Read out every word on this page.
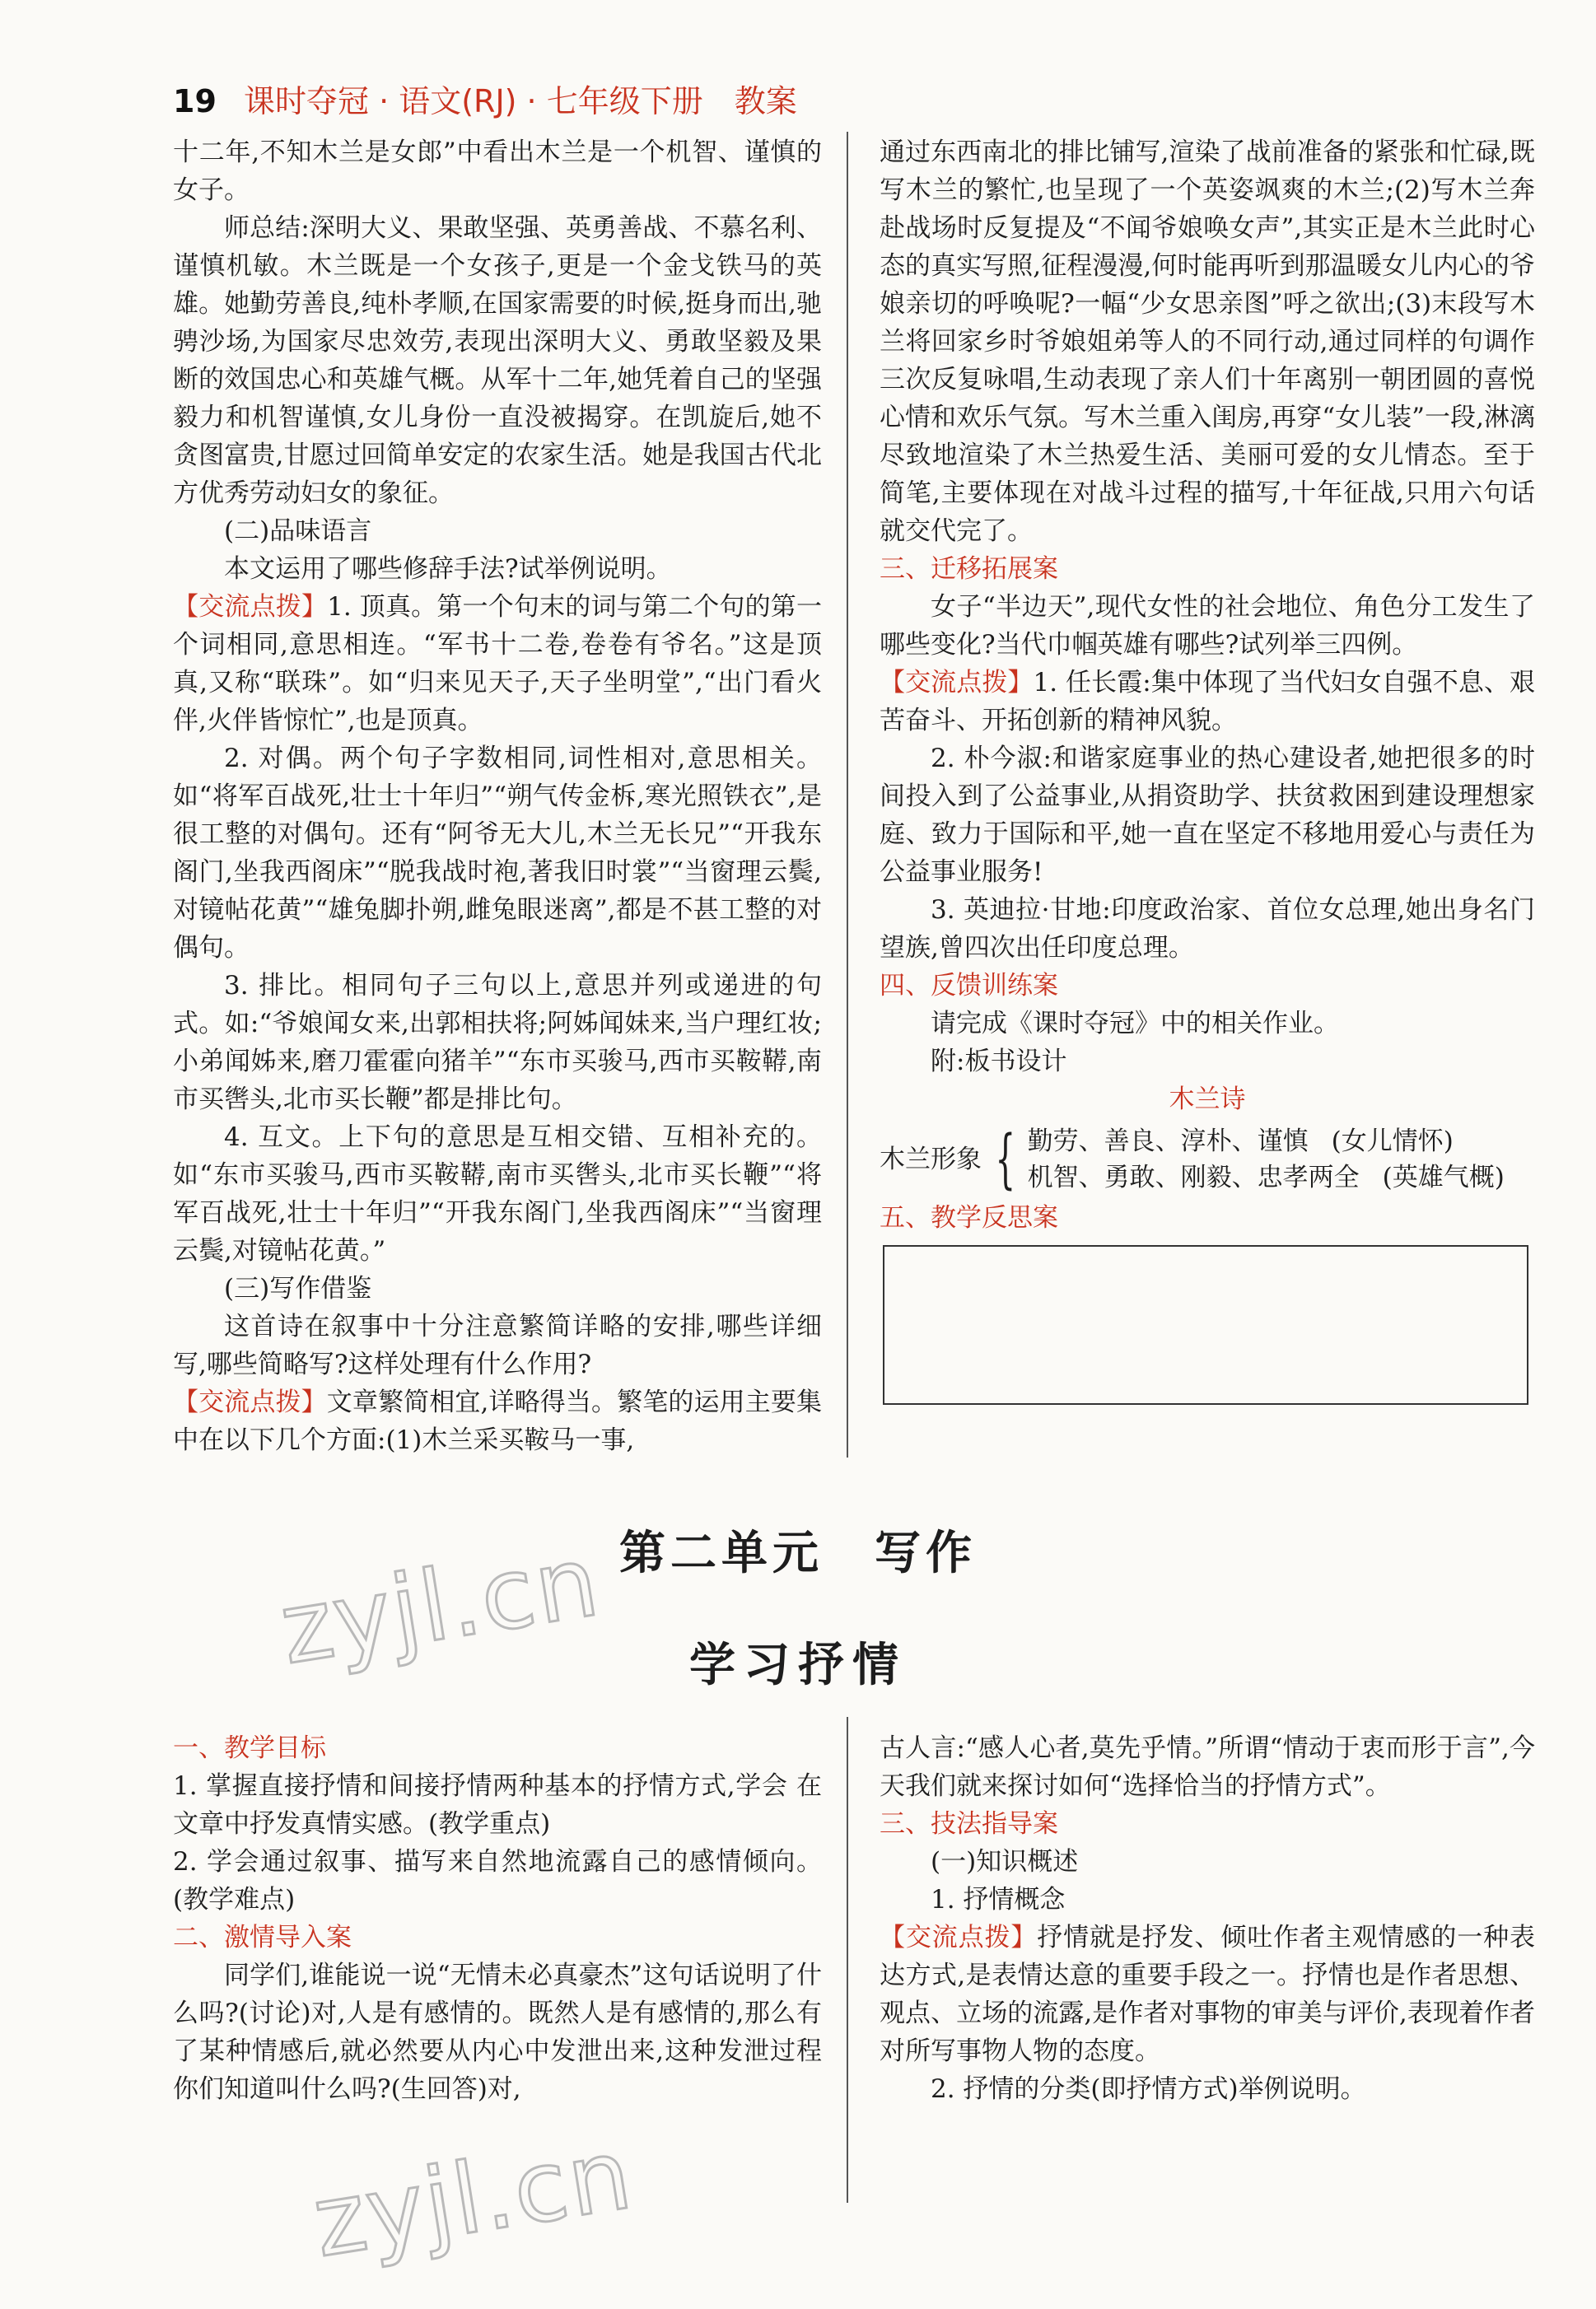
19 课时夺冠 · 语文(RJ) · 七年级下册　教案

十二年,不知木兰是女郎”中看出木兰是一个机智、谨慎的女子。

师总结:深明大义、果敢坚强、英勇善战、不慕名利、谨慎机敏。木兰既是一个女孩子,更是一个金戈铁马的英雄。她勤劳善良,纯朴孝顺,在国家需要的时候,挺身而出,驰骋沙场,为国家尽忠效劳,表现出深明大义、勇敢坚毅及果断的效国忠心和英雄气概。从军十二年,她凭着自己的坚强毅力和机智谨慎,女儿身份一直没被揭穿。在凯旋后,她不贪图富贵,甘愿过回简单安定的农家生活。她是我国古代北方优秀劳动妇女的象征。

(二)品味语言

本文运用了哪些修辞手法?试举例说明。

【交流点拨】1. 顶真。第一个句末的词与第二个句的第一个词相同,意思相连。“军书十二卷,卷卷有爷名。”这是顶真,又称“联珠”。如“归来见天子,天子坐明堂”,“出门看火伴,火伴皆惊忙”,也是顶真。

2. 对偶。两个句子字数相同,词性相对,意思相关。如“将军百战死,壮士十年归”“朔气传金柝,寒光照铁衣”,是很工整的对偶句。还有“阿爷无大儿,木兰无长兄”“开我东阁门,坐我西阁床”“脱我战时袍,著我旧时裳”“当窗理云鬓,对镜帖花黄”“雄兔脚扑朔,雌兔眼迷离”,都是不甚工整的对偶句。

3. 排比。相同句子三句以上,意思并列或递进的句式。如:“爷娘闻女来,出郭相扶将;阿姊闻妹来,当户理红妆;小弟闻姊来,磨刀霍霍向猪羊”“东市买骏马,西市买鞍鞯,南市买辔头,北市买长鞭”都是排比句。

4. 互文。上下句的意思是互相交错、互相补充的。如“东市买骏马,西市买鞍鞯,南市买辔头,北市买长鞭”“将军百战死,壮士十年归”“开我东阁门,坐我西阁床”“当窗理云鬓,对镜帖花黄。”

(三)写作借鉴

这首诗在叙事中十分注意繁简详略的安排,哪些详细写,哪些简略写?这样处理有什么作用?

【交流点拨】文章繁简相宜,详略得当。繁笔的运用主要集中在以下几个方面:(1)木兰采买鞍马一事,

通过东西南北的排比铺写,渲染了战前准备的紧张和忙碌,既写木兰的繁忙,也呈现了一个英姿飒爽的木兰;(2)写木兰奔赴战场时反复提及“不闻爷娘唤女声”,其实正是木兰此时心态的真实写照,征程漫漫,何时能再听到那温暖女儿内心的爷娘亲切的呼唤呢?一幅“少女思亲图”呼之欲出;(3)末段写木兰将回家乡时爷娘姐弟等人的不同行动,通过同样的句调作三次反复咏唱,生动表现了亲人们十年离别一朝团圆的喜悦心情和欢乐气氛。写木兰重入闺房,再穿“女儿装”一段,淋漓尽致地渲染了木兰热爱生活、美丽可爱的女儿情态。至于简笔,主要体现在对战斗过程的描写,十年征战,只用六句话就交代完了。

三、迁移拓展案

女子“半边天”,现代女性的社会地位、角色分工发生了哪些变化?当代巾帼英雄有哪些?试列举三四例。

【交流点拨】1. 任长霞:集中体现了当代妇女自强不息、艰苦奋斗、开拓创新的精神风貌。

2. 朴今淑:和谐家庭事业的热心建设者,她把很多的时间投入到了公益事业,从捐资助学、扶贫救困到建设理想家庭、致力于国际和平,她一直在坚定不移地用爱心与责任为公益事业服务!

3. 英迪拉·甘地:印度政治家、首位女总理,她出身名门望族,曾四次出任印度总理。

四、反馈训练案

请完成《课时夺冠》中的相关作业。

附:板书设计

木兰诗
木兰形象 { 勤劳、善良、淳朴、谨慎 (女儿情怀)
机智、勇敢、刚毅、忠孝两全 (英雄气概)

五、教学反思案

第二单元　写作
学习抒情
zyjl.cn
zyjl.cn

一、教学目标

1. 掌握直接抒情和间接抒情两种基本的抒情方式,学会 在文章中抒发真情实感。(教学重点)

2. 学会通过叙事、描写来自然地流露自己的感情倾向。(教学难点)

二、激情导入案

同学们,谁能说一说“无情未必真豪杰”这句话说明了什么吗?(讨论)对,人是有感情的。既然人是有感情的,那么有了某种情感后,就必然要从内心中发泄出来,这种发泄过程你们知道叫什么吗?(生回答)对,

古人言:“感人心者,莫先乎情。”所谓“情动于衷而形于言”,今天我们就来探讨如何“选择恰当的抒情方式”。

三、技法指导案

(一)知识概述

1. 抒情概念

【交流点拨】抒情就是抒发、倾吐作者主观情感的一种表达方式,是表情达意的重要手段之一。抒情也是作者思想、观点、立场的流露,是作者对事物的审美与评价,表现着作者对所写事物人物的态度。

2. 抒情的分类(即抒情方式)举例说明。
